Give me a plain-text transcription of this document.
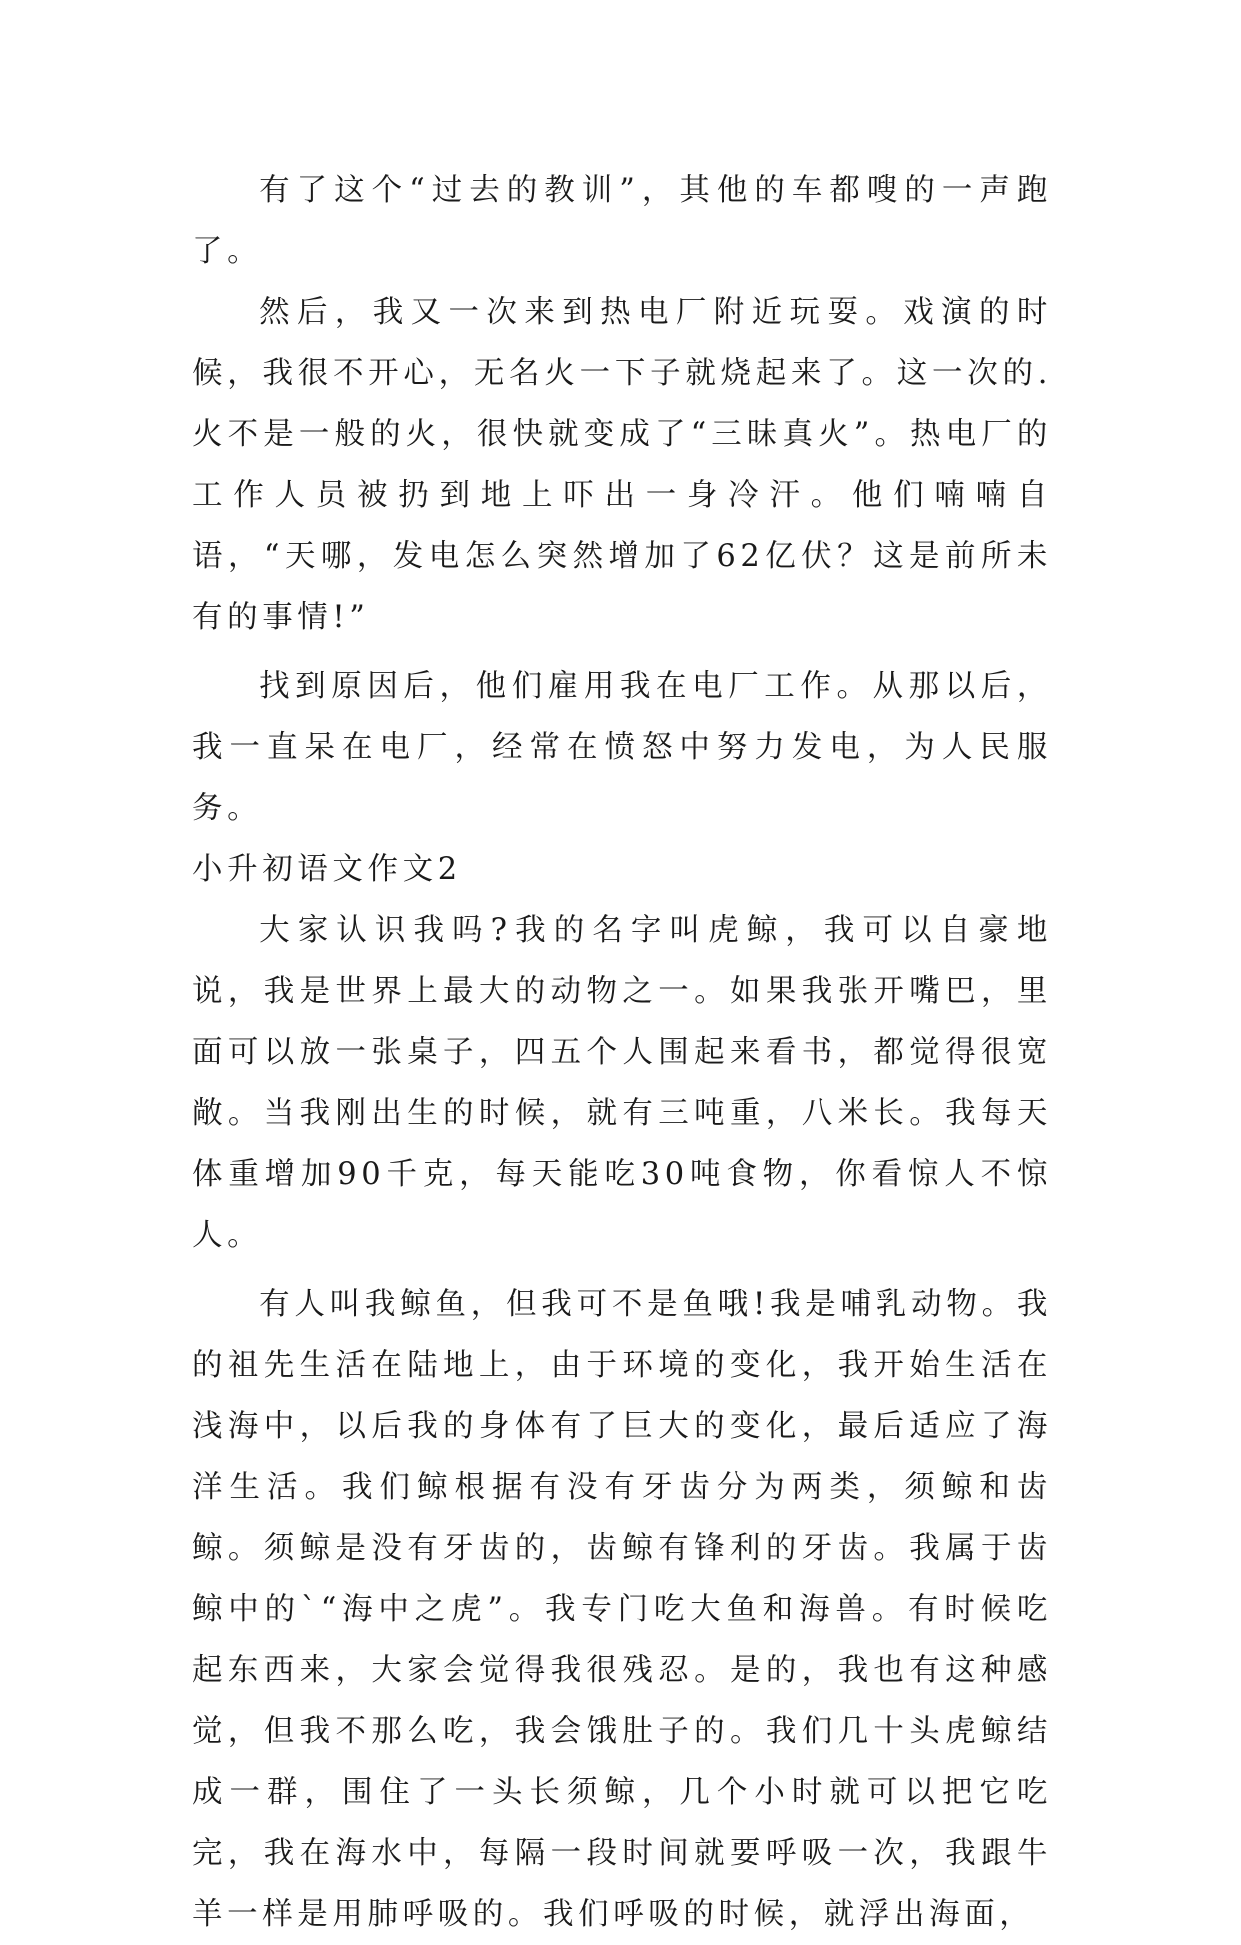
有了这个“过去的教训”，其他的车都嗖的一声跑了。

然后，我又一次来到热电厂附近玩耍。戏演的时候，我很不开心，无名火一下子就烧起来了。这一次的.火不是一般的火，很快就变成了“三昧真火”。热电厂的工作人员被扔到地上吓出一身冷汗。他们喃喃自语，“天哪，发电怎么突然增加了62亿伏？这是前所未有的事情!”

找到原因后，他们雇用我在电厂工作。从那以后，我一直呆在电厂，经常在愤怒中努力发电，为人民服务。

小升初语文作文2

大家认识我吗?我的名字叫虎鲸，我可以自豪地说，我是世界上最大的动物之一。如果我张开嘴巴，里面可以放一张桌子，四五个人围起来看书，都觉得很宽敞。当我刚出生的时候，就有三吨重，八米长。我每天体重增加90千克，每天能吃30吨食物，你看惊人不惊人。

有人叫我鲸鱼，但我可不是鱼哦!我是哺乳动物。我的祖先生活在陆地上，由于环境的变化，我开始生活在浅海中，以后我的身体有了巨大的变化，最后适应了海洋生活。我们鲸根据有没有牙齿分为两类，须鲸和齿鲸。须鲸是没有牙齿的，齿鲸有锋利的牙齿。我属于齿鲸中的`“海中之虎”。我专门吃大鱼和海兽。有时候吃起东西来，大家会觉得我很残忍。是的，我也有这种感觉，但我不那么吃，我会饿肚子的。我们几十头虎鲸结成一群，围住了一头长须鲸，几个小时就可以把它吃完，我在海水中，每隔一段时间就要呼吸一次，我跟牛羊一样是用肺呼吸的。我们呼吸的时候，就浮出海面，
